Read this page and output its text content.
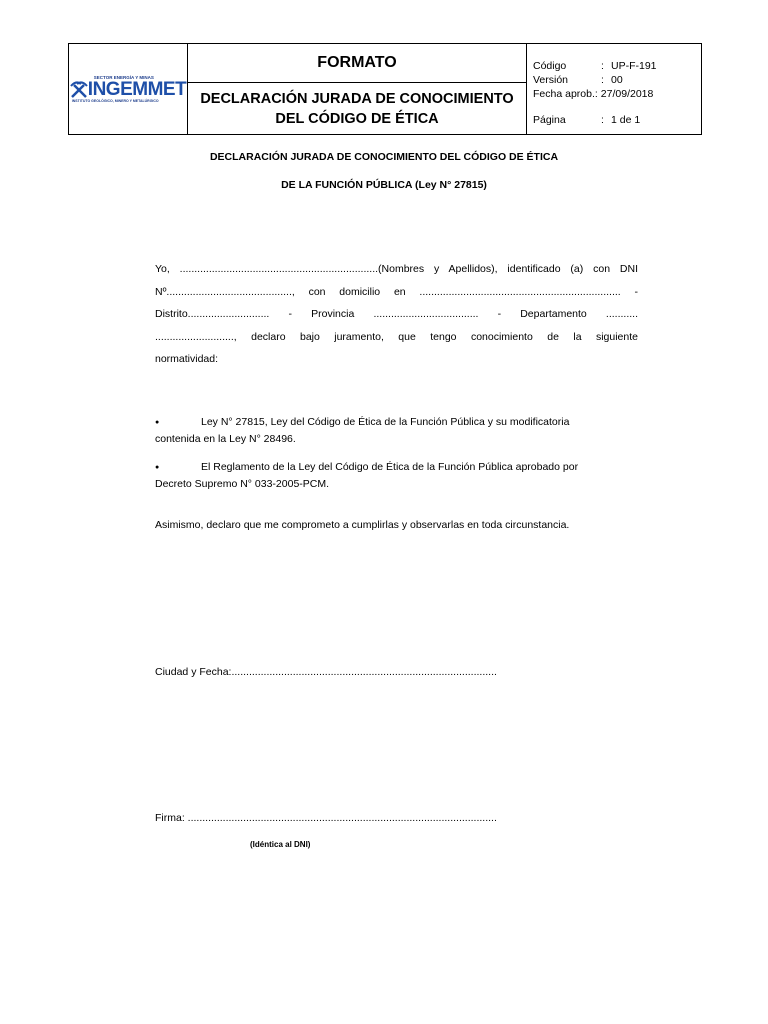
SECTOR ENERGÍA Y MINAS
INGEMMET
INSTITUTO GEOLÓGICO, MINERO Y METALÚRGICO
	FORMATO	Código	: UP-F-191
Versión	: 00
Fecha aprob.: 27/09/2018
Página	: 1 de 1

DECLARACIÓN JURADA DE CONOCIMIENTO
DEL CÓDIGO DE ÉTICA
DECLARACIÓN JURADA DE CONOCIMIENTO DEL CÓDIGO DE ÉTICA
DE LA FUNCIÓN PÚBLICA (Ley N° 27815)
Yo, ....................................................................(Nombres y Apellidos), identificado (a) con DNI
Nº..........................................., con domicilio en ..................................................................... -
Distrito............................ - Provincia .................................... - Departamento ...........
..........................., declaro bajo juramento, que tengo conocimiento de la siguiente
normatividad:
●	Ley N° 27815, Ley del Código de Ética de la Función Pública y su modificatoria
contenida en la Ley N° 28496.
●	El Reglamento de la Ley del Código de Ética de la Función Pública aprobado por
Decreto Supremo N° 033-2005-PCM.
Asimismo, declaro que me comprometo a cumplirlas y observarlas en toda circunstancia.
Ciudad y Fecha:...........................................................................................
Firma: ..........................................................................................................
(Idéntica al DNI)
